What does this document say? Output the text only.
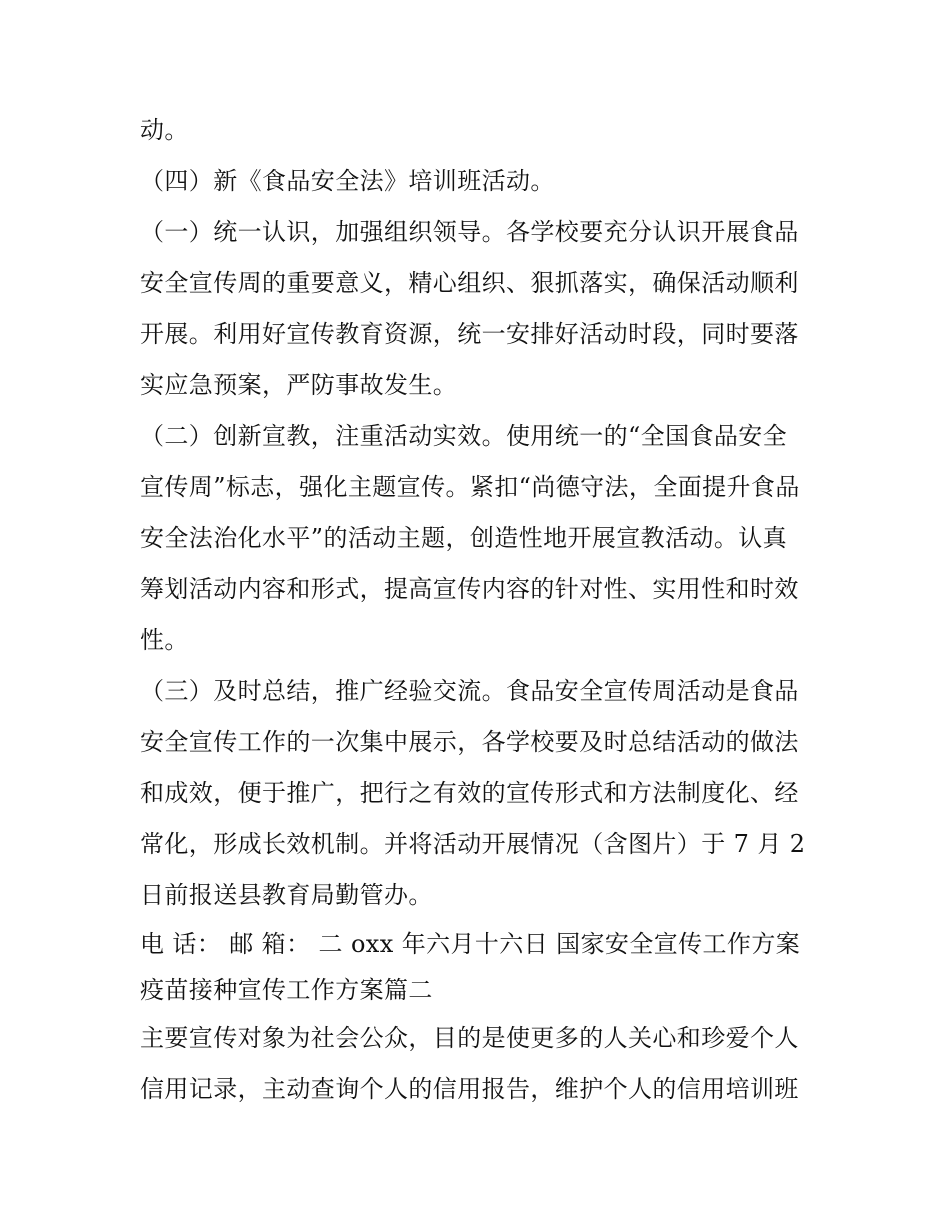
动。
（四）新《食品安全法》培训班活动。
（一）统一认识，加强组织领导。各学校要充分认识开展食品
安全宣传周的重要意义，精心组织、狠抓落实，确保活动顺利
开展。利用好宣传教育资源，统一安排好活动时段，同时要落
实应急预案，严防事故发生。
（二）创新宣教，注重活动实效。使用统一的“全国食品安全
宣传周”标志，强化主题宣传。紧扣“尚德守法，全面提升食品
安全法治化水平”的活动主题，创造性地开展宣教活动。认真
筹划活动内容和形式，提高宣传内容的针对性、实用性和时效
性。
（三）及时总结，推广经验交流。食品安全宣传周活动是食品
安全宣传工作的一次集中展示，各学校要及时总结活动的做法
和成效，便于推广，把行之有效的宣传形式和方法制度化、经
常化，形成长效机制。并将活动开展情况（含图片）于 7 月 2
日前报送县教育局勤管办。
电 话： 邮 箱： 二 oxx 年六月十六日 国家安全宣传工作方案
疫苗接种宣传工作方案篇二
主要宣传对象为社会公众，目的是使更多的人关心和珍爱个人
信用记录，主动查询个人的信用报告，维护个人的信用培训班
